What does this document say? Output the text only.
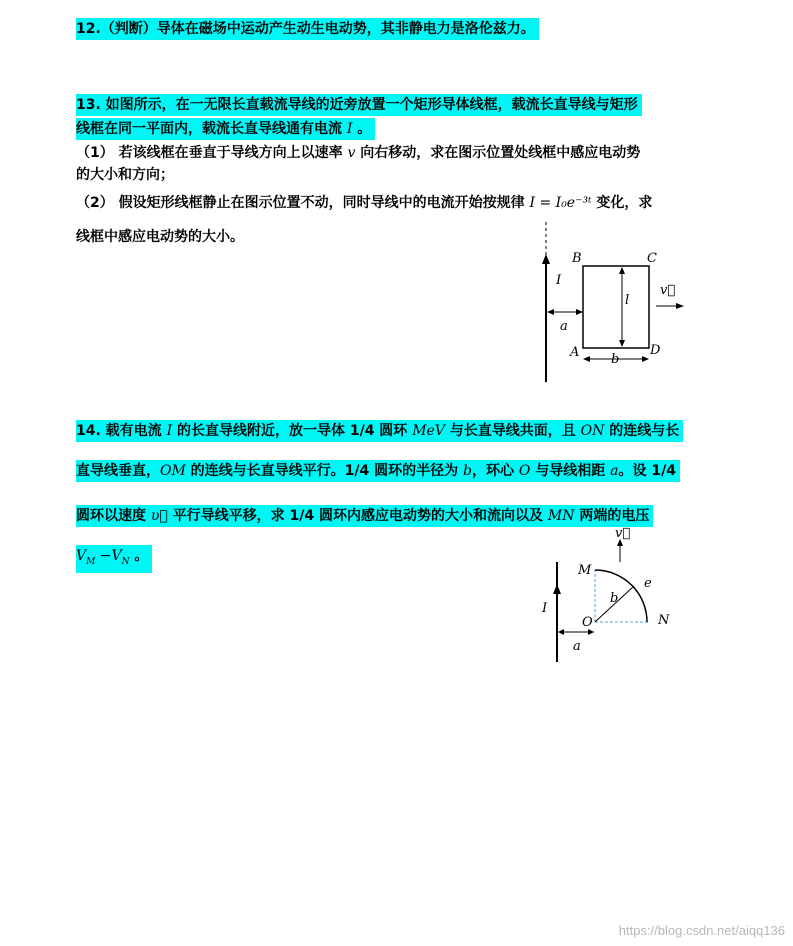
12.（判断）导体在磁场中运动产生动生电动势，其非静电力是洛伦兹力。
13. 如图所示，在一无限长直载流导线的近旁放置一个矩形导体线框，载流长直导线与矩形
线框在同一平面内，载流长直导线通有电流 I 。
（1） 若该线框在垂直于导线方向上以速率 v 向右移动，求在图示位置处线框中感应电动势
的大小和方向；
（2） 假设矩形线框静止在图示位置不动，同时导线中的电流开始按规律 I = I₀e⁻³ᵗ 变化，求
线框中感应电动势的大小。
B	C
A	D
I
l
a
b
v⃗
14. 载有电流 I 的长直导线附近，放一导体 1/4 圆环 MeV 与长直导线共面，且 ON 的连线与长
直导线垂直，OM 的连线与长直导线平行。1/4 圆环的半径为 b，环心 O 与导线相距 a。设 1/4
圆环以速度 υ⃗ 平行导线平移，求 1/4 圆环内感应电动势的大小和流向以及 MN 两端的电压
$V_M -V_N$ 。
v⃗
M
e
b
O	N
I
a
https://blog.csdn.net/aiqq136
